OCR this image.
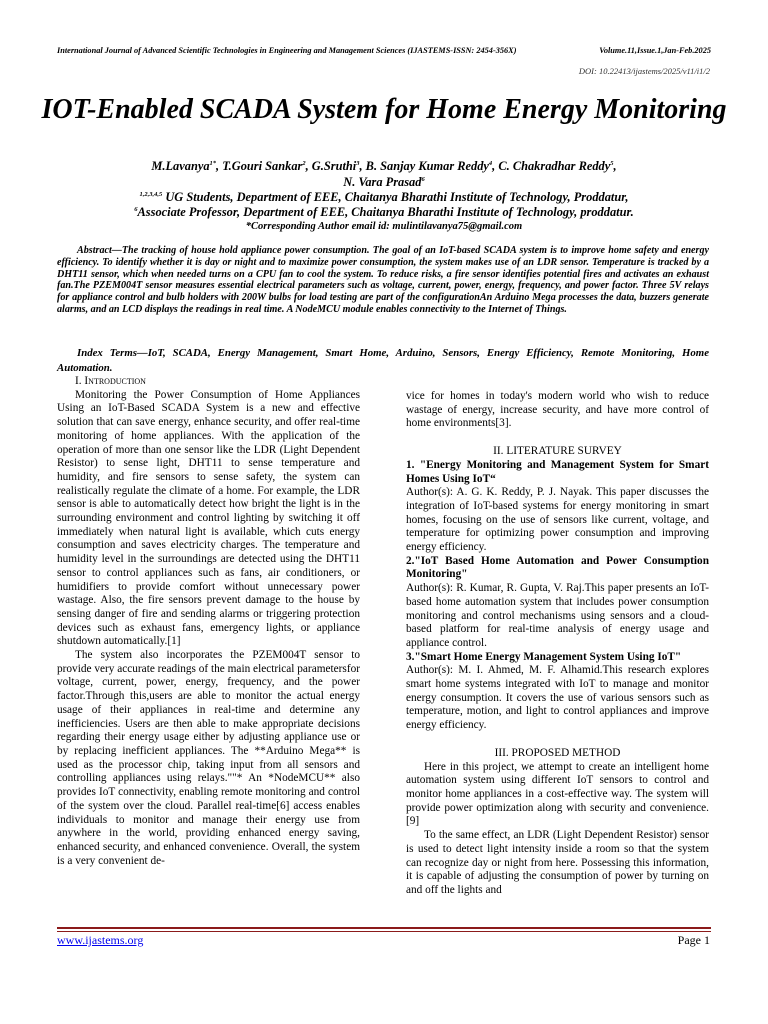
International Journal of Advanced Scientific Technologies in Engineering and Management Sciences (IJASTEMS-ISSN: 2454-356X)	Volume.11,Issue.1,Jan-Feb.2025
DOI: 10.22413/ijastems/2025/v11/i1/2
IOT-Enabled SCADA System for Home Energy Monitoring
M.Lavanya$^{1*}$, T.Gouri Sankar$^2$, G.Sruthi$^3$, B. Sanjay Kumar Reddy$^4$, C. Chakradhar Reddy$^5$,
N. Vara Prasad$^6$
$^{1,2,3,4,5}$ UG Students, Department of EEE, Chaitanya Bharathi Institute of Technology, Proddatur,
$^6$Associate Professor, Department of EEE, Chaitanya Bharathi Institute of Technology, proddatur.
*Corresponding Author email id: mulintilavanya75@gmail.com

Abstract—The tracking of house hold appliance power consumption. The goal of an IoT-based SCADA system is to improve home safety and energy efficiency. To identify whether it is day or night and to maximize power consumption, the system makes use of an LDR sensor. Temperature is tracked by a DHT11 sensor, which when needed turns on a CPU fan to cool the system. To reduce risks, a fire sensor identifies potential fires and activates an exhaust fan.The PZEM004T sensor measures essential electrical parameters such as voltage, current, power, energy, frequency, and power factor. Three 5V relays for appliance control and bulb holders with 200W bulbs for load testing are part of the configurationAn Arduino Mega processes the data, buzzers generate alarms, and an LCD displays the readings in real time. A NodeMCU module enables connectivity to the Internet of Things.

Index Terms—IoT, SCADA, Energy Management, Smart Home, Arduino, Sensors, Energy Efficiency, Remote Monitoring, Home Automation.

I. Introduction

Monitoring the Power Consumption of Home Appliances Using an IoT-Based SCADA System is a new and effective solution that can save energy, enhance security, and offer real-time monitoring of home appliances. With the application of the operation of more than one sensor like the LDR (Light Dependent Resistor) to sense light, DHT11 to sense temperature and humidity, and fire sensors to sense safety, the system can realistically regulate the climate of a home. For example, the LDR sensor is able to automatically detect how bright the light is in the surrounding environment and control lighting by switching it off immediately when natural light is available, which cuts energy consumption and saves electricity charges. The temperature and humidity level in the surroundings are detected using the DHT11 sensor to control appliances such as fans, air conditioners, or humidifiers to provide comfort without unnecessary power wastage. Also, the fire sensors prevent damage to the house by sensing danger of fire and sending alarms or triggering protection devices such as exhaust fans, emergency lights, or appliance shutdown automatically.[1]

The system also incorporates the PZEM004T sensor to provide very accurate readings of the main electrical parametersfor voltage, current, power, energy, frequency, and the power factor.Through this,users are able to monitor the actual energy usage of their appliances in real-time and determine any inefficiencies. Users are then able to make appropriate decisions regarding their energy usage either by adjusting appliance use or by replacing inefficient appliances. The **Arduino Mega** is used as the processor chip, taking input from all sensors and controlling appliances using relays.""* An *NodeMCU** also provides IoT connectivity, enabling remote monitoring and control of the system over the cloud. Parallel real-time[6] access enables individuals to monitor and manage their energy use from anywhere in the world, providing enhanced energy saving, enhanced security, and enhanced convenience. Overall, the system is a very convenient de-

vice for homes in today's modern world who wish to reduce wastage of energy, increase security, and have more control of home environments[3].

II. LITERATURE SURVEY

1. "Energy Monitoring and Management System for Smart Homes Using IoT“

Author(s): A. G. K. Reddy, P. J. Nayak. This paper discusses the integration of IoT-based systems for energy monitoring in smart homes, focusing on the use of sensors like current, voltage, and temperature for optimizing power consumption and improving energy efficiency.

2."IoT Based Home Automation and Power Consumption Monitoring"

Author(s): R. Kumar, R. Gupta, V. Raj.This paper presents an IoT-based home automation system that includes power consumption monitoring and control mechanisms using sensors and a cloud-based platform for real-time analysis of energy usage and appliance control.

3."Smart Home Energy Management System Using IoT"

Author(s): M. I. Ahmed, M. F. Alhamid.This research explores smart home systems integrated with IoT to manage and monitor energy consumption. It covers the use of various sensors such as temperature, motion, and light to control appliances and improve energy efficiency.

III. PROPOSED METHOD

Here in this project, we attempt to create an intelligent home automation system using different IoT sensors to control and monitor home appliances in a cost-effective way. The system will provide power optimization along with security and convenience.[9]

To the same effect, an LDR (Light Dependent Resistor) sensor is used to detect light intensity inside a room so that the system can recognize day or night from here. Possessing this information, it is capable of adjusting the consumption of power by turning on and off the lights and

www.ijastems.org	Page 1
